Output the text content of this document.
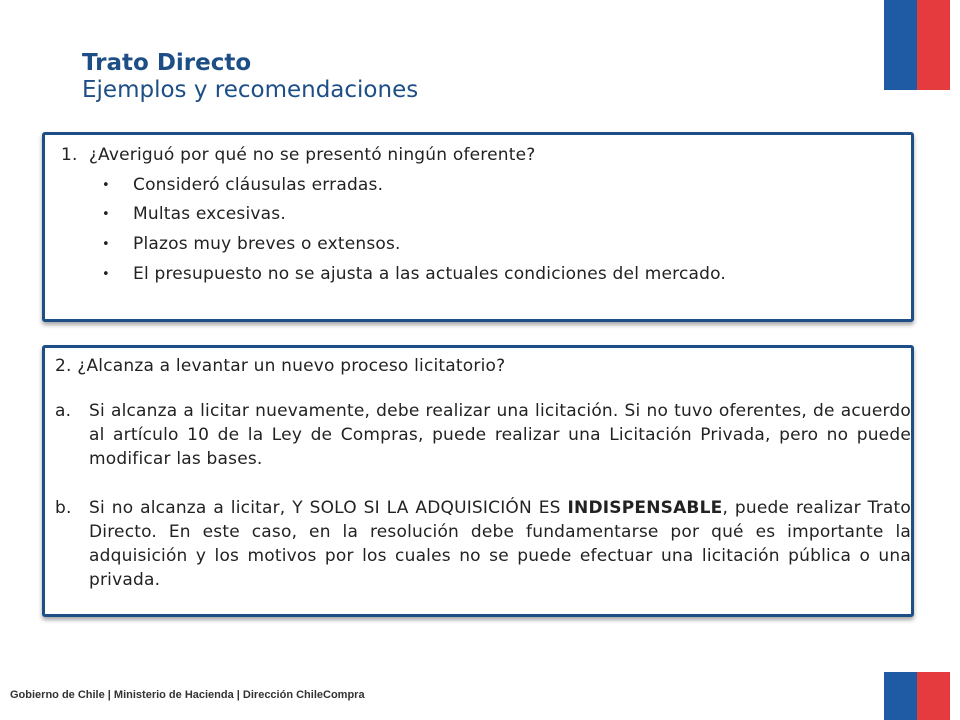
Trato Directo
Ejemplos y recomendaciones
1.  ¿Averiguó por qué no se presentó ningún oferente?
• Consideró cláusulas erradas.
• Multas excesivas.
• Plazos muy breves o extensos.
• El presupuesto no se ajusta a las actuales condiciones del mercado.
2. ¿Alcanza a levantar un nuevo proceso licitatorio?
a. Si alcanza a licitar nuevamente, debe realizar una licitación. Si no tuvo oferentes, de acuerdo al artículo 10 de la Ley de Compras, puede realizar una Licitación Privada, pero no puede modificar las bases.
b. Si no alcanza a licitar, Y SOLO SI LA ADQUISICIÓN ES INDISPENSABLE, puede realizar Trato Directo. En este caso, en la resolución debe fundamentarse por qué es importante la adquisición y los motivos por los cuales no se puede efectuar una licitación pública o una privada.
Gobierno de Chile | Ministerio de Hacienda | Dirección ChileCompra
